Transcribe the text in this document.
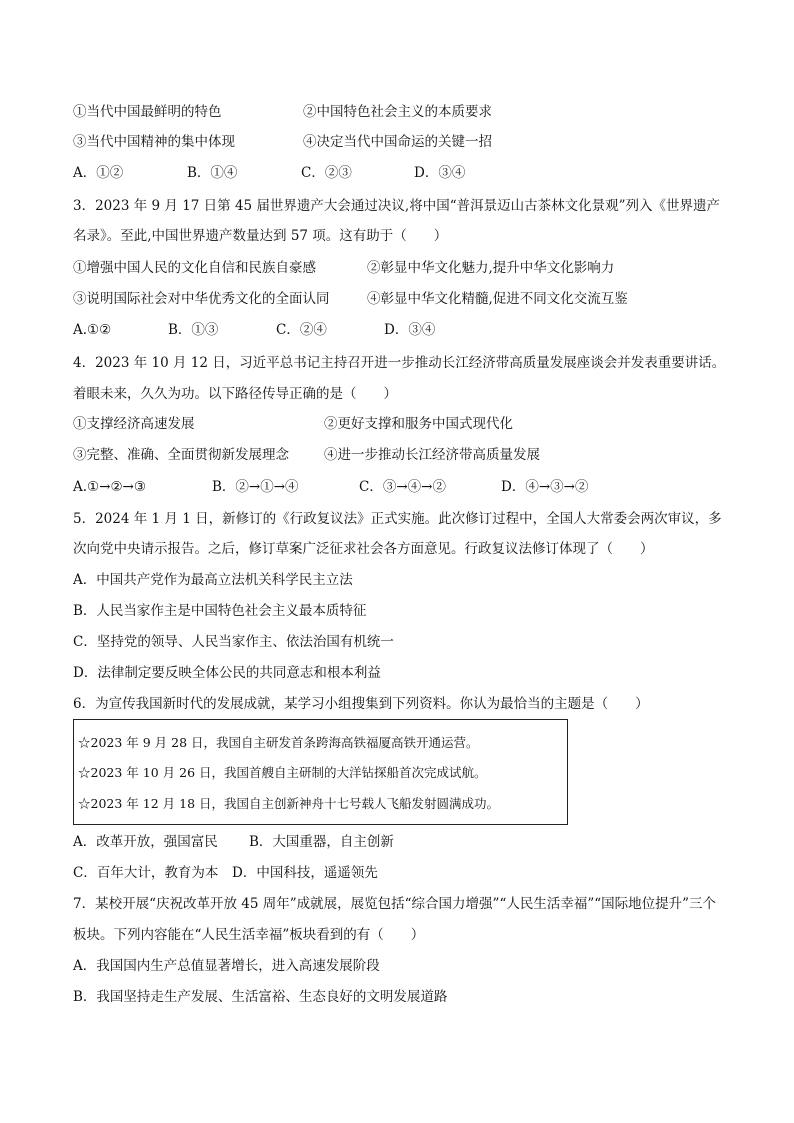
①当代中国最鲜明的特色	②中国特色社会主义的本质要求
③当代中国精神的集中体现	④决定当代中国命运的关键一招
A．①②	B．①④	C．②③	D．③④
3．2023 年 9 月 17 日第 45 届世界遗产大会通过决议,将中国“普洱景迈山古茶林文化景观”列入《世界遗产
名录》。至此,中国世界遗产数量达到 57 项。这有助于（　　）
①增强中国人民的文化自信和民族自豪感	②彰显中华文化魅力,提升中华文化影响力
③说明国际社会对中华优秀文化的全面认同	④彰显中华文化精髓,促进不同文化交流互鉴
A.①②	B．①③	C．②④	D．③④
4．2023 年 10 月 12 日，习近平总书记主持召开进一步推动长江经济带高质量发展座谈会并发表重要讲话。
着眼未来，久久为功。以下路径传导正确的是（　　）
①支撑经济高速发展	②更好支撑和服务中国式现代化
③完整、准确、全面贯彻新发展理念	④进一步推动长江经济带高质量发展
A.①→②→③	B．②→①→④	C．③→④→②	D．④→③→②
5．2024 年 1 月 1 日，新修订的《行政复议法》正式实施。此次修订过程中，全国人大常委会两次审议，多
次向党中央请示报告。之后，修订草案广泛征求社会各方面意见。行政复议法修订体现了（　　）
A．中国共产党作为最高立法机关科学民主立法
B．人民当家作主是中国特色社会主义最本质特征
C．坚持党的领导、人民当家作主、依法治国有机统一
D．法律制定要反映全体公民的共同意志和根本利益
6．为宣传我国新时代的发展成就，某学习小组搜集到下列资料。你认为最恰当的主题是（　　）
☆2023 年 9 月 28 日，我国自主研发首条跨海高铁福厦高铁开通运营。
☆2023 年 10 月 26 日，我国首艘自主研制的大洋钻探船首次完成试航。
☆2023 年 12 月 18 日，我国自主创新神舟十七号载人飞船发射圆满成功。
A．改革开放，强国富民 B．大国重器，自主创新
C．百年大计，教育为本 D．中国科技，遥遥领先
7．某校开展“庆祝改革开放 45 周年”成就展，展览包括“综合国力增强”“人民生活幸福”“国际地位提升”三个
板块。下列内容能在“人民生活幸福”板块看到的有（　　）
A．我国国内生产总值显著增长，进入高速发展阶段
B．我国坚持走生产发展、生活富裕、生态良好的文明发展道路
